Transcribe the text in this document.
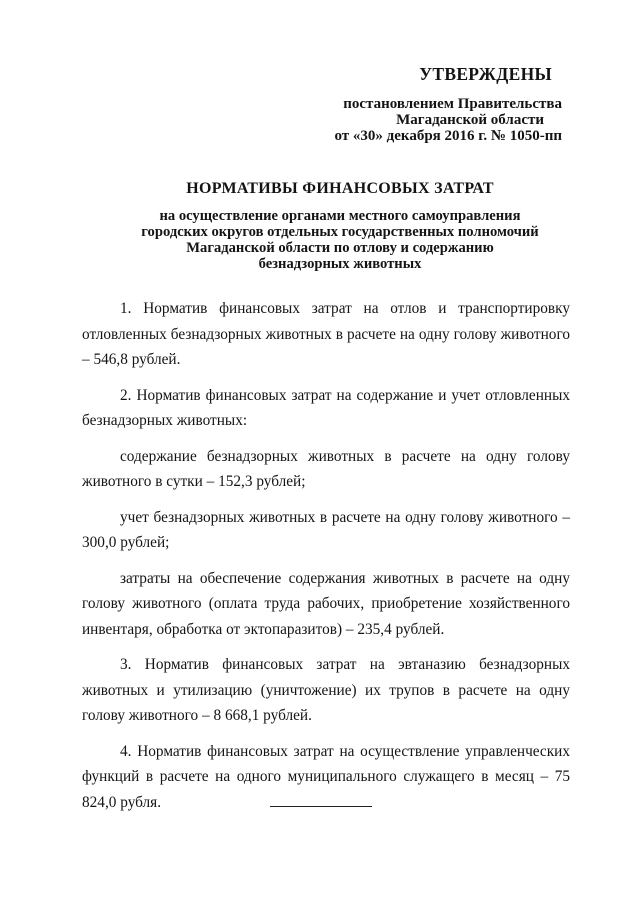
УТВЕРЖДЕНЫ
постановлением Правительства
Магаданской области
от «30» декабря 2016 г. № 1050-пп
НОРМАТИВЫ ФИНАНСОВЫХ ЗАТРАТ
на осуществление органами местного самоуправления
городских округов отдельных государственных полномочий
Магаданской области по отлову и содержанию
безнадзорных животных

1. Норматив финансовых затрат на отлов и транспортировку отловленных безнадзорных животных в расчете на одну голову животного – 546,8 рублей.

2. Норматив финансовых затрат на содержание и учет отловленных безнадзорных животных:

содержание безнадзорных животных в расчете на одну голову животного в сутки – 152,3 рублей;

учет безнадзорных животных в расчете на одну голову животного – 300,0 рублей;

затраты на обеспечение содержания животных в расчете на одну голову животного (оплата труда рабочих, приобретение хозяйственного инвентаря, обработка от эктопаразитов) – 235,4 рублей.

3. Норматив финансовых затрат на эвтаназию безнадзорных животных и утилизацию (уничтожение) их трупов в расчете на одну голову животного – 8 668,1 рублей.

4. Норматив финансовых затрат на осуществление управленческих функций в расчете на одного муниципального служащего в месяц – 75 824,0 рубля.
